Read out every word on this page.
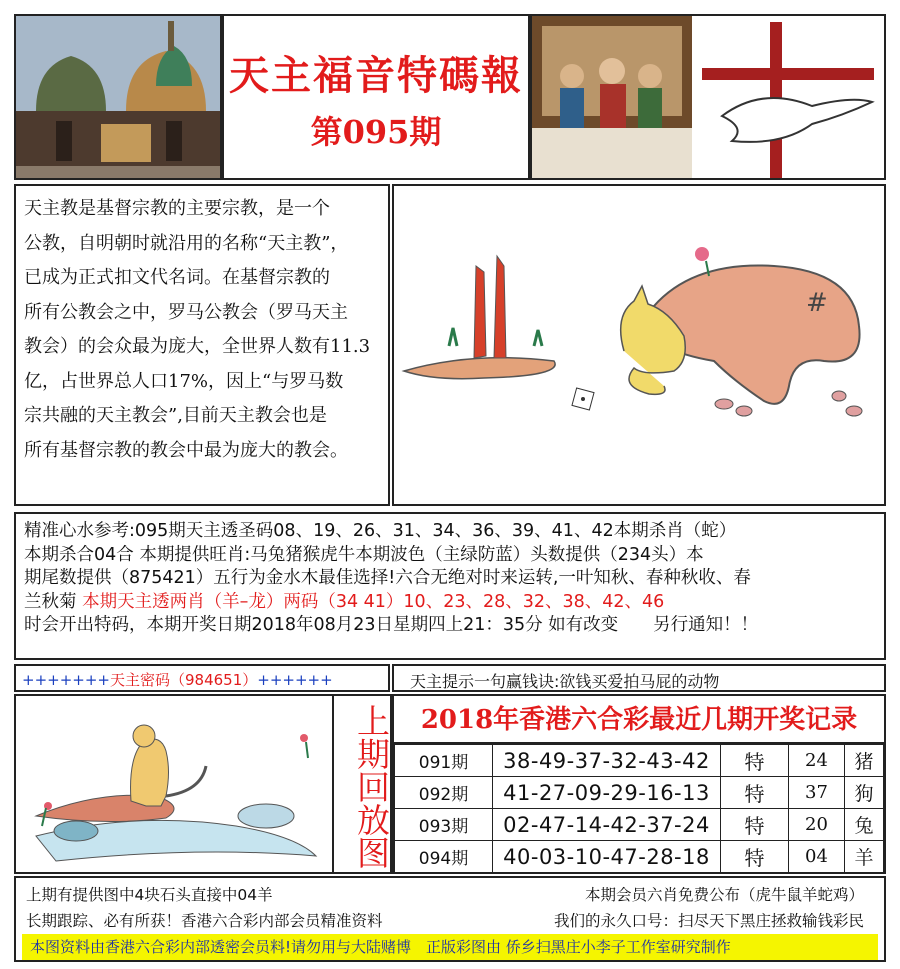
天主福音特碼報
第095期
天主教是基督宗教的主要宗教，是一个
公教，自明朝时就沿用的名称“天主教”，
已成为正式扣文代名词。在基督宗教的
所有公教会之中，罗马公教会（罗马天主
教会）的会众最为庞大，全世界人数有11.3
亿，占世界总人口17%，因上“与罗马数
宗共融的天主教会”,目前天主教会也是
所有基督宗教的教会中最为庞大的教会。
#
精准心水参考:095期天主透圣码08、19、26、31、34、36、39、41、42本期杀肖（蛇）
本期杀合04合 本期提供旺肖:马兔猪猴虎牛本期波色（主绿防蓝）头数提供（234头）本
期尾数提供（875421）五行为金水木最佳选择!六合无绝对时来运转,一叶知秋、春种秋收、春
兰秋菊 本期天主透两肖（羊–龙）两码（34 41）10、23、28、32、38、42、46
时会开出特码，本期开奖日期2018年08月23日星期四上21：35分 如有改变　　另行通知！！
+++++++天主密码（984651）++++++	天主提示一句赢钱诀:欲钱买爱拍马屁的动物
上期回放图	2018年香港六合彩最近几期开奖记录
091期	38-49-37-32-43-42	特	24	猪
092期	41-27-09-29-16-13	特	37	狗
093期	02-47-14-42-37-24	特	20	兔
094期	40-03-10-47-28-18	特	04	羊
上期有提供图中4块石头直接中04羊	本期会员六肖免费公布（虎牛鼠羊蛇鸡）
长期跟踪、必有所获！香港六合彩内部会员精准资料	我们的永久口号：扫尽天下黑庄拯救输钱彩民
本图资料由香港六合彩内部透密会员料!请勿用与大陆赌博　正版彩图由 侨乡扫黑庄小李子工作室研究制作
